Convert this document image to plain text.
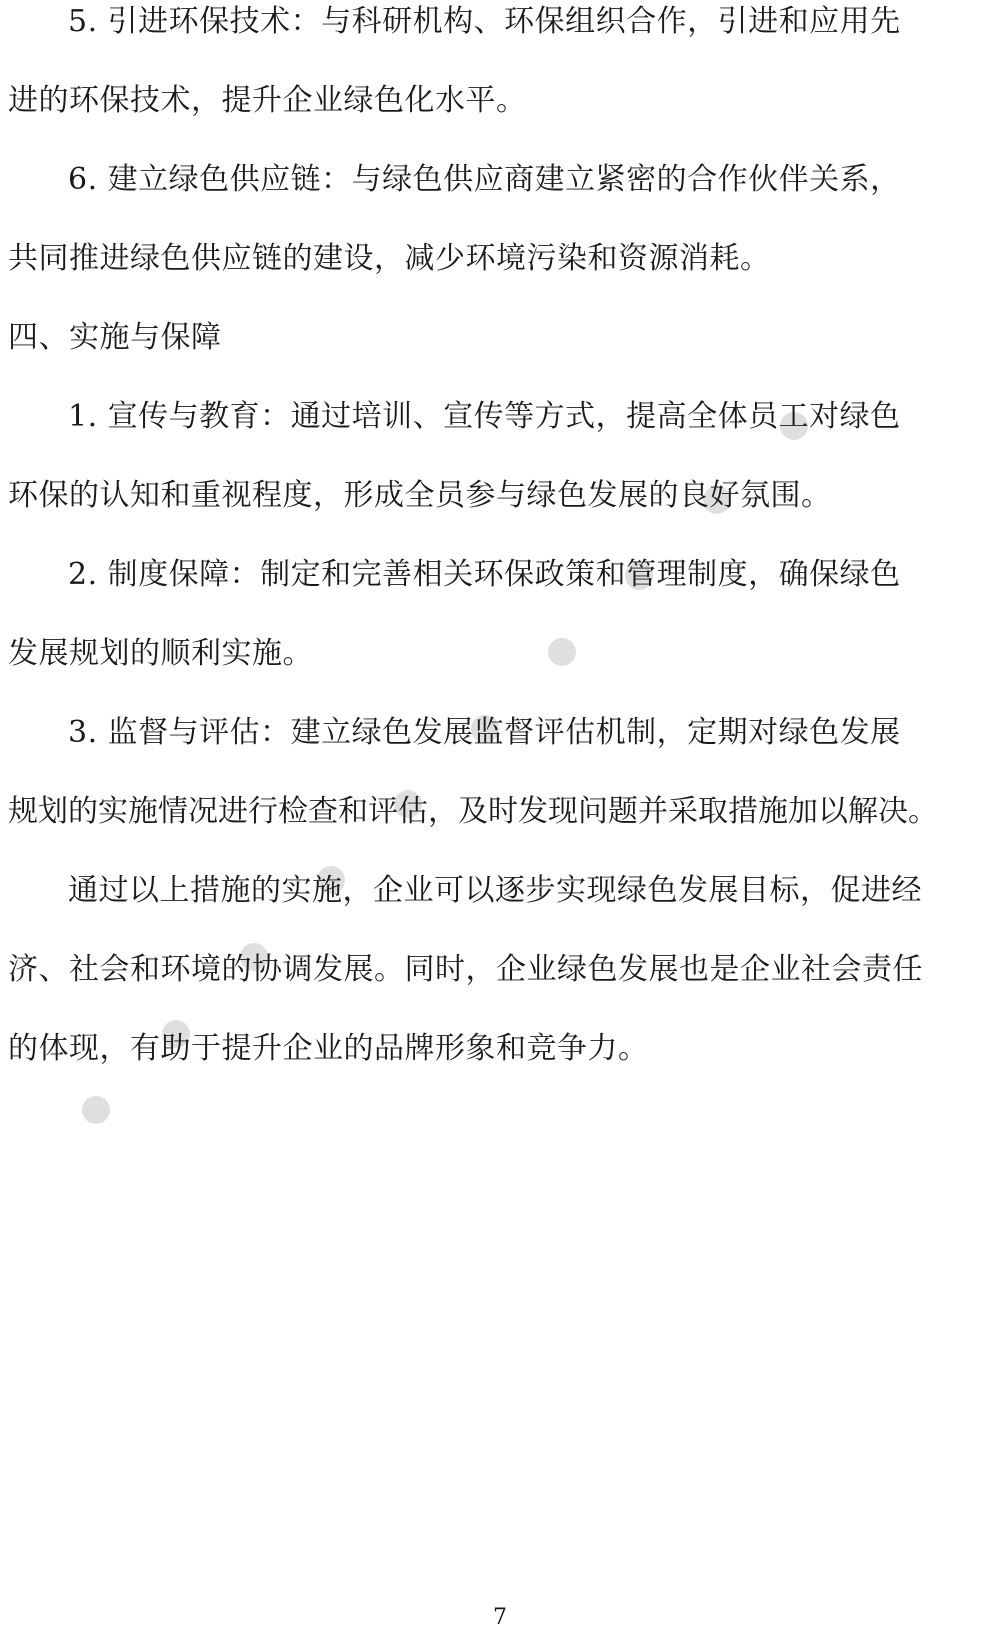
5. 引进环保技术：与科研机构、环保组织合作，引进和应用先
进的环保技术，提升企业绿色化水平。
6. 建立绿色供应链：与绿色供应商建立紧密的合作伙伴关系，
共同推进绿色供应链的建设，减少环境污染和资源消耗。
四、实施与保障
1. 宣传与教育：通过培训、宣传等方式，提高全体员工对绿色
环保的认知和重视程度，形成全员参与绿色发展的良好氛围。
2. 制度保障：制定和完善相关环保政策和管理制度，确保绿色
发展规划的顺利实施。
3. 监督与评估：建立绿色发展监督评估机制，定期对绿色发展
规划的实施情况进行检查和评估，及时发现问题并采取措施加以解决。
通过以上措施的实施，企业可以逐步实现绿色发展目标，促进经
济、社会和环境的协调发展。同时，企业绿色发展也是企业社会责任
的体现，有助于提升企业的品牌形象和竞争力。
7
